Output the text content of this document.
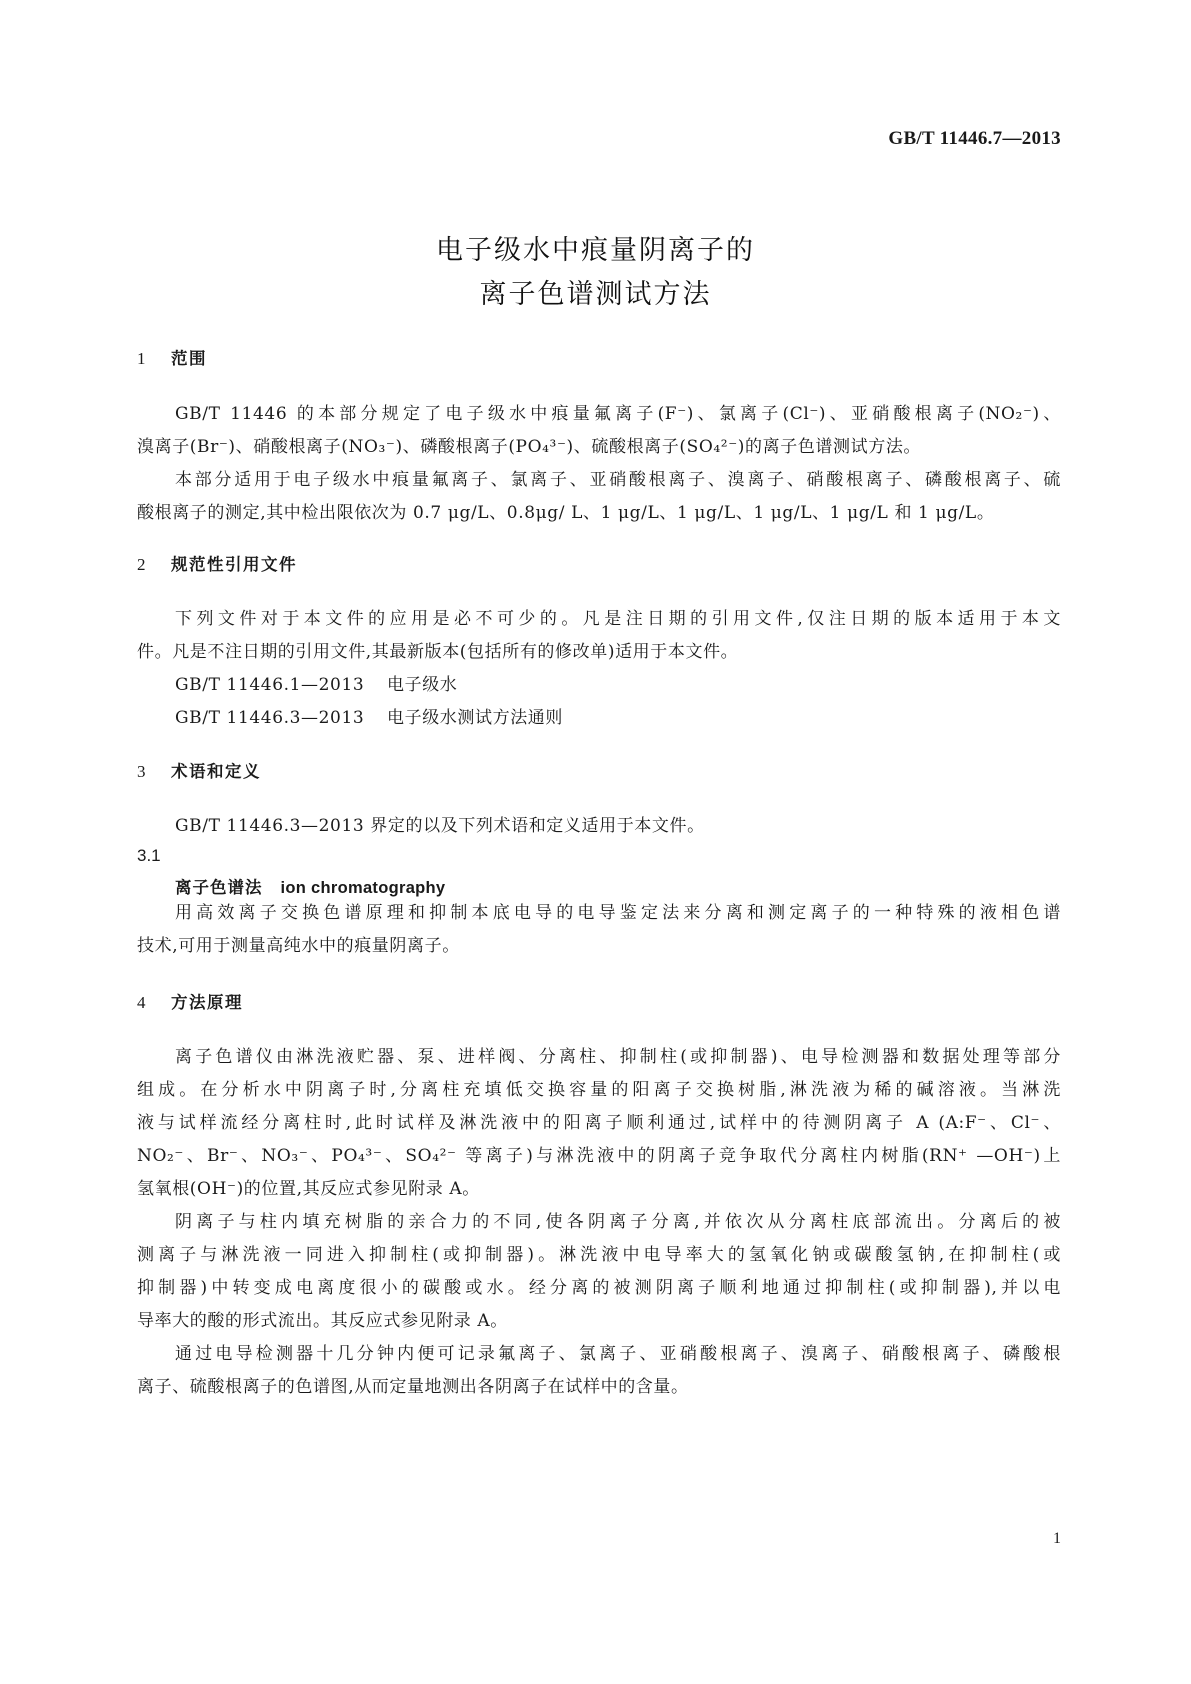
GB/T 11446.7—2013
电子级水中痕量阴离子的
离子色谱测试方法
1 范围
GB/T 11446 的本部分规定了电子级水中痕量氟离子(F⁻)、氯离子(Cl⁻)、亚硝酸根离子(NO₂⁻)、
溴离子(Br⁻)、硝酸根离子(NO₃⁻)、磷酸根离子(PO₄³⁻)、硫酸根离子(SO₄²⁻)的离子色谱测试方法。
本部分适用于电子级水中痕量氟离子、氯离子、亚硝酸根离子、溴离子、硝酸根离子、磷酸根离子、硫
酸根离子的测定,其中检出限依次为 0.7 μg/L、0.8μg/ L、1 μg/L、1 μg/L、1 μg/L、1 μg/L 和 1 μg/L。
2 规范性引用文件
下列文件对于本文件的应用是必不可少的。凡是注日期的引用文件,仅注日期的版本适用于本文
件。凡是不注日期的引用文件,其最新版本(包括所有的修改单)适用于本文件。
GB/T 11446.1—2013 电子级水
GB/T 11446.3—2013 电子级水测试方法通则
3 术语和定义
GB/T 11446.3—2013 界定的以及下列术语和定义适用于本文件。
3.1
离子色谱法 ion chromatography
用高效离子交换色谱原理和抑制本底电导的电导鉴定法来分离和测定离子的一种特殊的液相色谱
技术,可用于测量高纯水中的痕量阴离子。
4 方法原理
离子色谱仪由淋洗液贮器、泵、进样阀、分离柱、抑制柱(或抑制器)、电导检测器和数据处理等部分
组成。在分析水中阴离子时,分离柱充填低交换容量的阳离子交换树脂,淋洗液为稀的碱溶液。当淋洗
液与试样流经分离柱时,此时试样及淋洗液中的阳离子顺利通过,试样中的待测阴离子 A (A:F⁻、Cl⁻、
NO₂⁻、Br⁻、NO₃⁻、PO₄³⁻、SO₄²⁻ 等离子)与淋洗液中的阴离子竞争取代分离柱内树脂(RN⁺ —OH⁻)上
氢氧根(OH⁻)的位置,其反应式参见附录 A。
阴离子与柱内填充树脂的亲合力的不同,使各阴离子分离,并依次从分离柱底部流出。分离后的被
测离子与淋洗液一同进入抑制柱(或抑制器)。淋洗液中电导率大的氢氧化钠或碳酸氢钠,在抑制柱(或
抑制器)中转变成电离度很小的碳酸或水。经分离的被测阴离子顺利地通过抑制柱(或抑制器),并以电
导率大的酸的形式流出。其反应式参见附录 A。
通过电导检测器十几分钟内便可记录氟离子、氯离子、亚硝酸根离子、溴离子、硝酸根离子、磷酸根
离子、硫酸根离子的色谱图,从而定量地测出各阴离子在试样中的含量。
1
